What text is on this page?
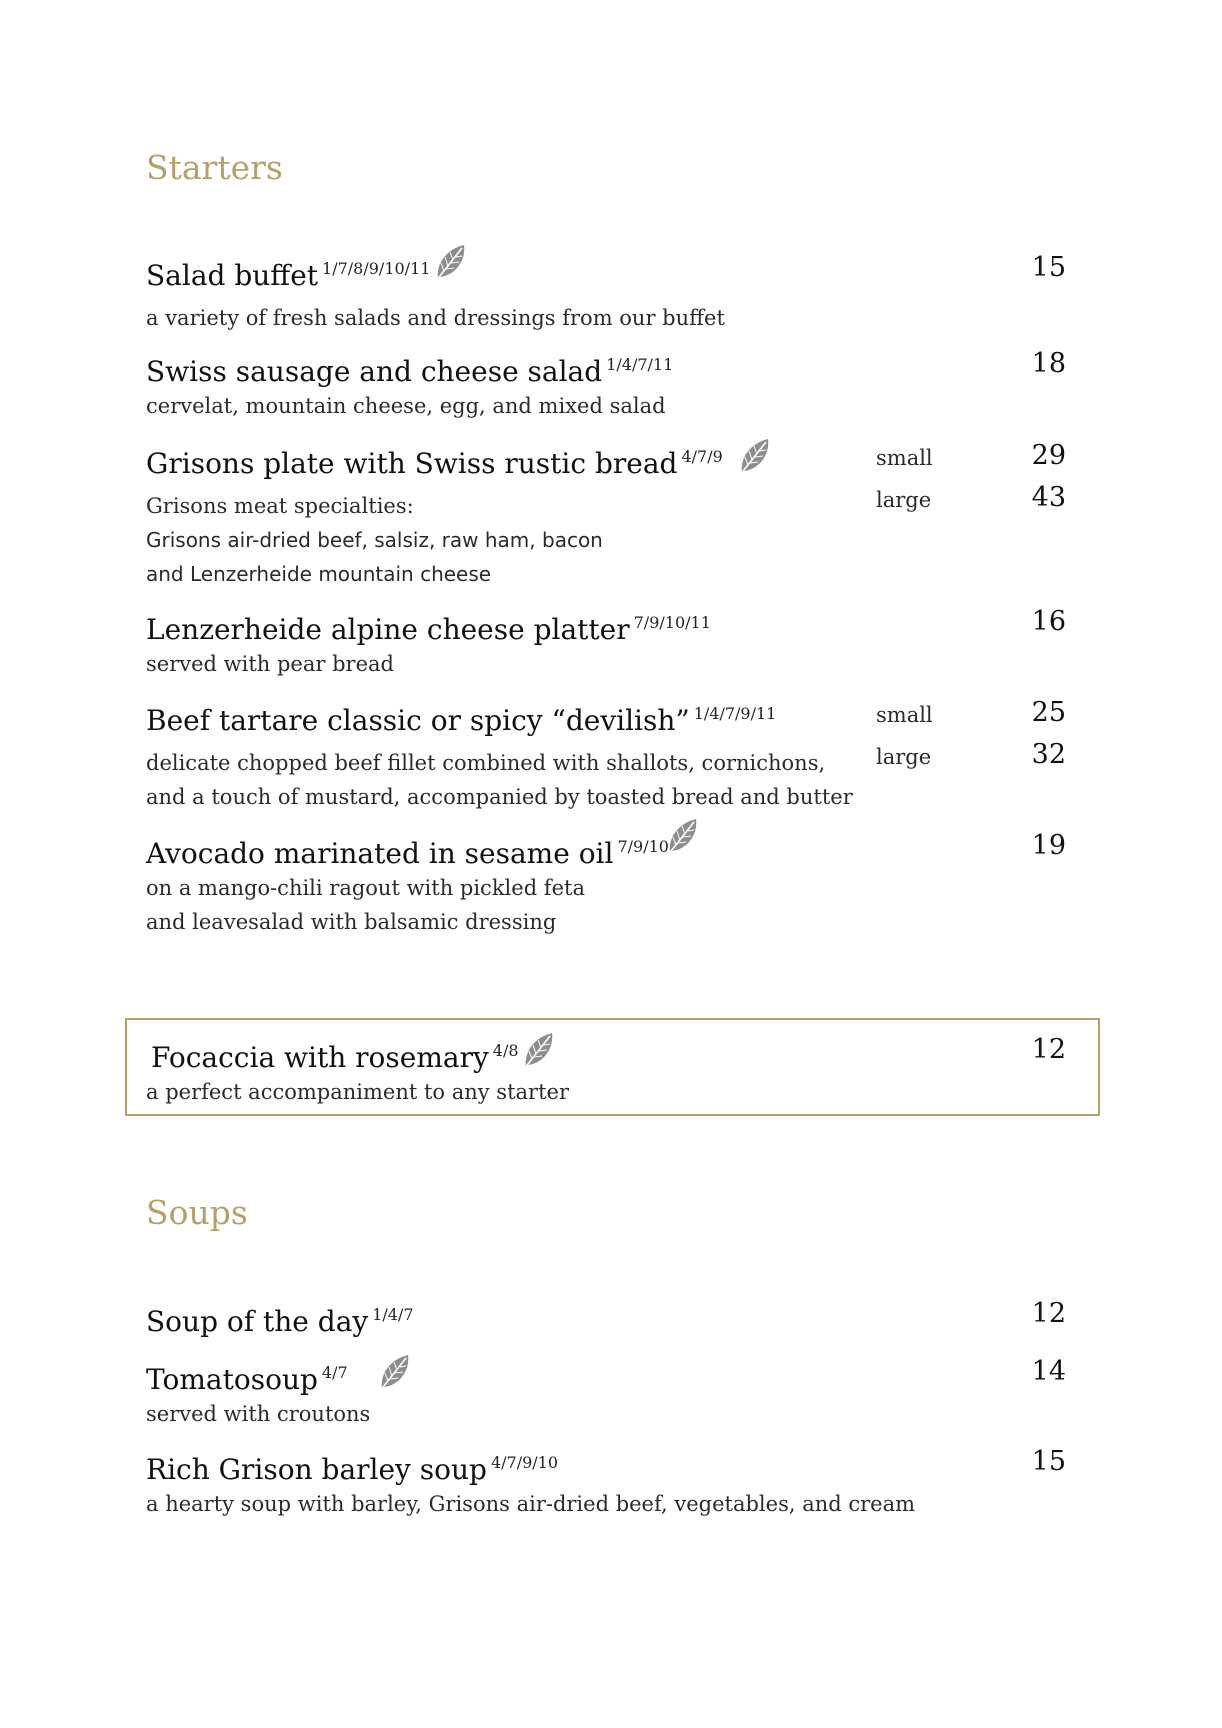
Starters
Salad buffet $^{1/7/8/9/10/11}$	15
a variety of fresh salads and dressings from our buffet
Swiss sausage and cheese salad $^{1/4/7/11}$	18
cervelat, mountain cheese, egg, and mixed salad
Grisons plate with Swiss rustic bread $^{4/7/9}$	small	29
large	43
Grisons meat specialties:
Grisons air-dried beef, salsiz, raw ham, bacon
and Lenzerheide mountain cheese
Lenzerheide alpine cheese platter $^{7/9/10/11}$	16
served with pear bread
Beef tartare classic or spicy “devilish” $^{1/4/7/9/11}$	small	25
large	32
delicate chopped beef fillet combined with shallots, cornichons,
and a touch of mustard, accompanied by toasted bread and butter
Avocado marinated in sesame oil $^{7/9/10}$	19
on a mango-chili ragout with pickled feta
and leavesalad with balsamic dressing
Focaccia with rosemary $^{4/8}$	12
a perfect accompaniment to any starter
Soups
Soup of the day $^{1/4/7}$	12
Tomatosoup $^{4/7}$	14
served with croutons
Rich Grison barley soup $^{4/7/9/10}$	15
a hearty soup with barley, Grisons air-dried beef, vegetables, and cream
